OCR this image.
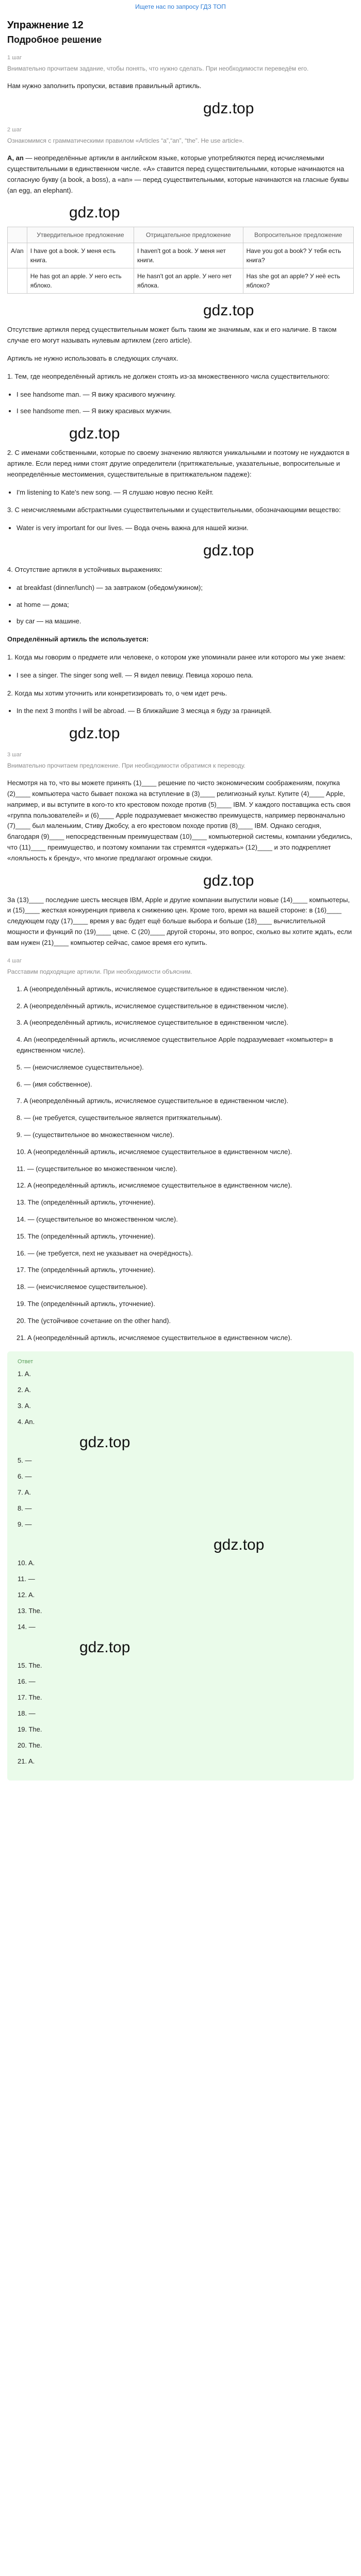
Ищете нас по запросу ГДЗ ТОП
Упражнение 12
Подробное решение
1 шаг

Внимательно прочитаем задание, чтобы понять, что нужно сделать. При необходимости переведём его.

Нам нужно заполнить пропуски, вставив правильный артикль.

gdz.top
2 шаг

Ознакомимся с грамматическими правилом «Articles “a”,“an”, “the”. Не use article».

A, an — неопределённые артикли в английском языке, которые употребляются перед исчисляемыми существительными в единственном числе. «A» ставится перед существительными, которые начинаются на согласную букву (a book, a boss), а «an» — перед существительными, которые начинаются на гласные буквы (an egg, an elephant).

gdz.top
	Утвердительное предложение	Отрицательное предложение	Вопросительное предложение
A/an	I have got a book. У меня есть книга.	I haven't got a book. У меня нет книги.	Have you got a book? У тебя есть книга?
	He has got an apple. У него есть яблоко.	He hasn't got an apple. У него нет яблока.	Has she got an apple? У неё есть яблоко?
gdz.top

Отсутствие артикля перед существительным может быть таким же значимым, как и его наличие. В таком случае его могут называть нулевым артиклем (zero article).

Артикль не нужно использовать в следующих случаях.

1. Тем, где неопределённый артикль не должен стоять из-за множественного числа существительного:

• I see handsome man. — Я вижу красивого мужчину.
• I see handsome men. — Я вижу красивых мужчин.
gdz.top

2. С именами собственными, которые по своему значению являются уникальными и поэтому не нуждаются в артикле. Если перед ними стоят другие определители (притяжательные, указательные, вопросительные и неопределённые местоимения, существительные в притяжательном падеже):

• I'm listening to Kate's new song. — Я слушаю новую песню Кейт.

3. С неисчисляемыми абстрактными существительными и существительными, обозначающими вещество:

• Water is very important for our lives. — Вода очень важна для нашей жизни.
gdz.top

4. Отсутствие артикля в устойчивых выражениях:

• at breakfast (dinner/lunch) — за завтраком (обедом/ужином);
• at home — дома;
• by car — на машине.

Определённый артикль the используется:

1. Когда мы говорим о предмете или человеке, о котором уже упоминали ранее или которого мы уже знаем:

• I see a singer. The singer song well. — Я видел певицу. Певица хорошо пела.

2. Когда мы хотим уточнить или конкретизировать то, о чем идет речь.

• In the next 3 months I will be abroad. — В ближайшие 3 месяца я буду за границей.
gdz.top
3 шаг

Внимательно прочитаем предложение. При необходимости обратимся к переводу.

Несмотря на то, что вы можете принять (1)____ решение по чисто экономическим соображениям, покупка (2)____ компьютера часто бывает похожа на вступление в (3)____ религиозный культ. Купите (4)____ Apple, например, и вы вступите в кого-то кто крестовом походе против (5)____ IBM. У каждого поставщика есть своя «группа пользователей» и (6)____ Apple подразумевает множество преимуществ, например первоначально (7)____ был маленьким, Стиву Джобсу, а его крестовом походе против (8)____ IBM. Однако сегодня, благодаря (9)____ непосредственным преимуществам (10)____ компьютерной системы, компании убедились, что (11)____ преимущество, и поэтому компании так стремятся «удержать» (12)____ и это подкрепляет «лояльность к бренду», что многие предлагают огромные скидки.

gdz.top

За (13)____ последние шесть месяцев IBM, Apple и другие компании выпустили новые (14)____ компьютеры, и (15)____ жесткая конкуренция привела к снижению цен. Кроме того, время на вашей стороне: в (16)____ следующем году (17)____ время у вас будет ещё больше выбора и больше (18)____ вычислительной мощности и функций по (19)____ цене. С (20)____ другой стороны, это вопрос, сколько вы хотите ждать, если вам нужен (21)____ компьютер сейчас, самое время его купить.

4 шаг

Расставим подходящие артикли. При необходимости объясним.

1. A (неопределённый артикль, исчисляемое существительное в единственном числе).
2. A (неопределённый артикль, исчисляемое существительное в единственном числе).
3. A (неопределённый артикль, исчисляемое существительное в единственном числе).
4. An (неопределённый артикль, исчисляемое существительное Apple подразумевает «компьютер» в единственном числе).
5. — (неисчисляемое существительное).
6. — (имя собственное).
7. A (неопределённый артикль, исчисляемое существительное в единственном числе).
8. — (не требуется, существительное является притяжательным).
9. — (существительное во множественном числе).
10. A (неопределённый артикль, исчисляемое существительное в единственном числе).
11. — (существительное во множественном числе).
12. A (неопределённый артикль, исчисляемое существительное в единственном числе).
13. The (определённый артикль, уточнение).
14. — (существительное во множественном числе).
15. The (определённый артикль, уточнение).
16. — (не требуется, next не указывает на очерёдность).
17. The (определённый артикль, уточнение).
18. — (неисчисляемое существительное).
19. The (определённый артикль, уточнение).
20. The (устойчивое сочетание on the other hand).
21. A (неопределённый артикль, исчисляемое существительное в единственном числе).
Ответ
1. A.
2. A.
3. A.
4. An.
gdz.top
5. —
6. —
7. A.
8. —
9. —
gdz.top
10. A.
11. —
12. A.
13. The.
14. —
gdz.top
15. The.
16. —
17. The.
18. —
19. The.
20. The.
21. A.
